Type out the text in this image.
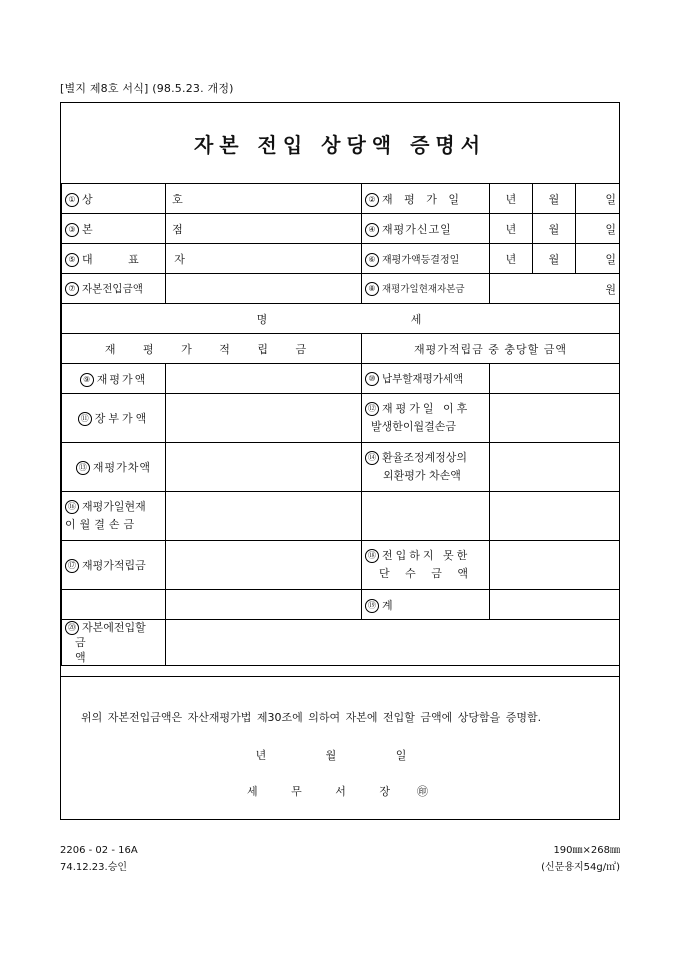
[별지 제8호 서식] (98.5.23. 개정)
자본 전입 상당액 증명서
① 상 호		② 재 평 가 일	년	월	일
③ 본 점		④ 재평가신고일	년	월	일
⑤ 대 표 자		⑥ 재평가액등결정일	년	월	일
⑦ 자본전입금액		⑧ 재평가일현재자본금	원		
명 세					
재 평 가 적 립 금		재평가적립금 중 충당할 금액			
⑨ 재평가액		⑩ 납부할재평가세액			
⑪ 장부가액		⑫ 재평가일 이후
발생한이월결손금			

⑬ 재평가차액		⑭ 환율조정계정상의
외환평가 차손액			

⑯ 재평가일현재
이월결손금					

⑰ 재평가적립금		⑱ 전입하지 못한
단 수 금 액			

		⑲ 계			

⑳ 자본에전입할
금 액					

위의 자본전입금액은 자산재평가법 제30조에 의하여 자본에 전입할 금액에 상당함을 증명함.
년 월 일
세 무 서 장 ㊞
2206 - 02 - 16A
74.12.23.승인
190㎜×268㎜
(신문용지54g/㎡)
